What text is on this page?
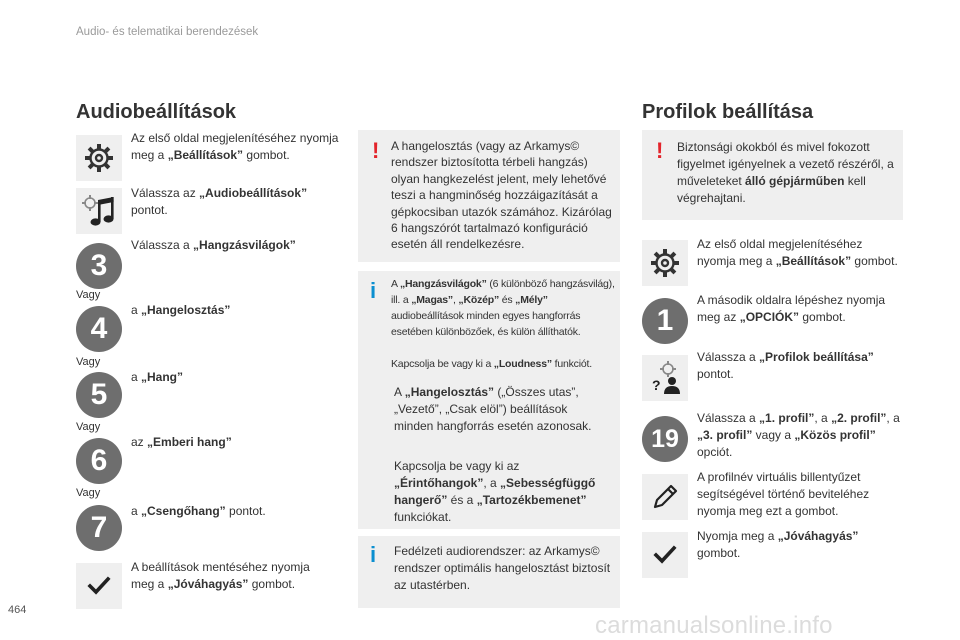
Audio- és telematikai berendezések
Audiobeállítások
Az első oldal megjelenítéséhez nyomja meg a „Beállítások” gombot.
Válassza az „Audiobeállítások” pontot.
3
Válassza a „Hangzásvilágok”
Vagy
4
a „Hangelosztás”
Vagy
5
a „Hang”
Vagy
6
az „Emberi hang”
Vagy
7	a „Csengőhang” pontot.
A beállítások mentéséhez nyomja meg a „Jóváhagyás” gombot.
! A hangelosztás (vagy az Arkamys© rendszer biztosította térbeli hangzás) olyan hangkezelést jelent, mely lehetővé teszi a hangminőség hozzáigazítását a gépkocsiban utazók számához. Kizárólag 6 hangszórót tartalmazó konfiguráció esetén áll rendelkezésre.
i A „Hangzásvilágok” (6 különböző hangzásvilág), ill. a „Magas”, „Közép” és „Mély” audiobeállítások minden egyes hangforrás esetében különbözőek, és külön állíthatók.
Kapcsolja be vagy ki a „Loudness” funkciót.
A „Hangelosztás” („Összes utas”, „Vezető”, „Csak elöl”) beállítások minden hangforrás esetén azonosak.
Kapcsolja be vagy ki az „Érintőhangok”, a „Sebességfüggő hangerő” és a „Tartozékbemenet” funkciókat.
i Fedélzeti audiorendszer: az Arkamys© rendszer optimális hangelosztást biztosít az utastérben.
Profilok beállítása
! Biztonsági okokból és mivel fokozott figyelmet igényelnek a vezető részéről, a műveleteket álló gépjárműben kell végrehajtani.
Az első oldal megjelenítéséhez nyomja meg a „Beállítások” gombot.
1
A második oldalra lépéshez nyomja meg az „OPCIÓK” gombot.
?
Válassza a „Profilok beállítása” pontot.
19
Válassza a „1. profil”, a „2. profil”, a „3. profil” vagy a „Közös profil” opciót.
A profilnév virtuális billentyűzet segítségével történő beviteléhez nyomja meg ezt a gombot.
Nyomja meg a „Jóváhagyás” gombot.
464
carmanualsonline.info
